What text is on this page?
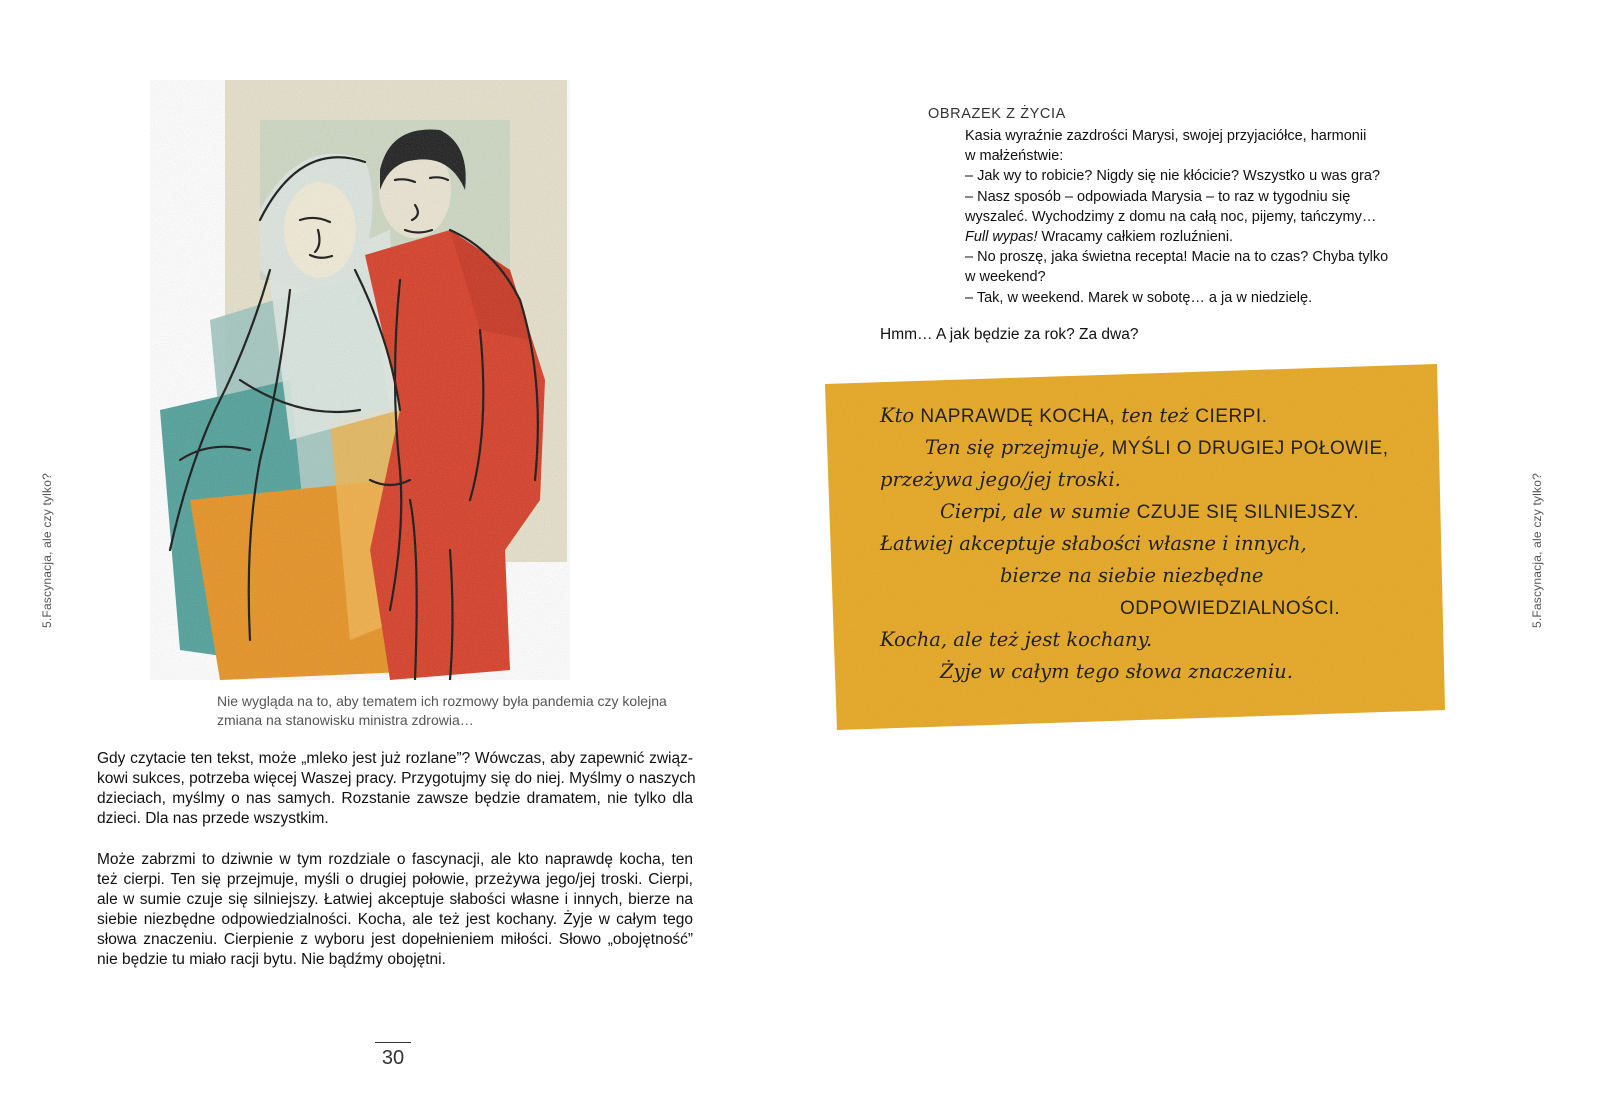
5.Fascynacja, ale czy tylko?	5.Fascynacja, ale czy tylko?
Nie wygląda na to, aby tematem ich rozmowy była pandemia czy kolejna
zmiana na stanowisku ministra zdrowia…
Gdy czytacie ten tekst, może „mleko jest już rozlane”? Wówczas, aby zapewnić związ-
kowi sukces, potrzeba więcej Waszej pracy. Przygotujmy się do niej. Myślmy o naszych
dzieciach, myślmy o nas samych. Rozstanie zawsze będzie dramatem, nie tylko dla
dzieci. Dla nas przede wszystkim.
Może zabrzmi to dziwnie w tym rozdziale o fascynacji, ale kto naprawdę kocha, ten
też cierpi. Ten się przejmuje, myśli o drugiej połowie, przeżywa jego/jej troski. Cierpi,
ale w sumie czuje się silniejszy. Łatwiej akceptuje słabości własne i innych, bierze na
siebie niezbędne odpowiedzialności. Kocha, ale też jest kochany. Żyje w całym tego
słowa znaczeniu. Cierpienie z wyboru jest dopełnieniem miłości. Słowo „obojętność”
nie będzie tu miało racji bytu. Nie bądźmy obojętni.
30
OBRAZEK Z ŻYCIA
Kasia wyraźnie zazdrości Marysi, swojej przyjaciółce, harmonii
w małżeństwie:
– Jak wy to robicie? Nigdy się nie kłócicie? Wszystko u was gra?
– Nasz sposób – odpowiada Marysia – to raz w tygodniu się
wyszaleć. Wychodzimy z domu na całą noc, pijemy, tańczymy…
Full wypas! Wracamy całkiem rozluźnieni.
– No proszę, jaka świetna recepta! Macie na to czas? Chyba tylko
w weekend?
– Tak, w weekend. Marek w sobotę… a ja w niedzielę.
Hmm… A jak będzie za rok? Za dwa?
Kto NAPRAWDĘ KOCHA, ten też CIERPI.
Ten się przejmuje, MYŚLI O DRUGIEJ POŁOWIE,
przeżywa jego/jej troski.
Cierpi, ale w sumie CZUJE SIĘ SILNIEJSZY.
Łatwiej akceptuje słabości własne i innych,
bierze na siebie niezbędne
ODPOWIEDZIALNOŚCI.
Kocha, ale też jest kochany.
Żyje w całym tego słowa znaczeniu.
